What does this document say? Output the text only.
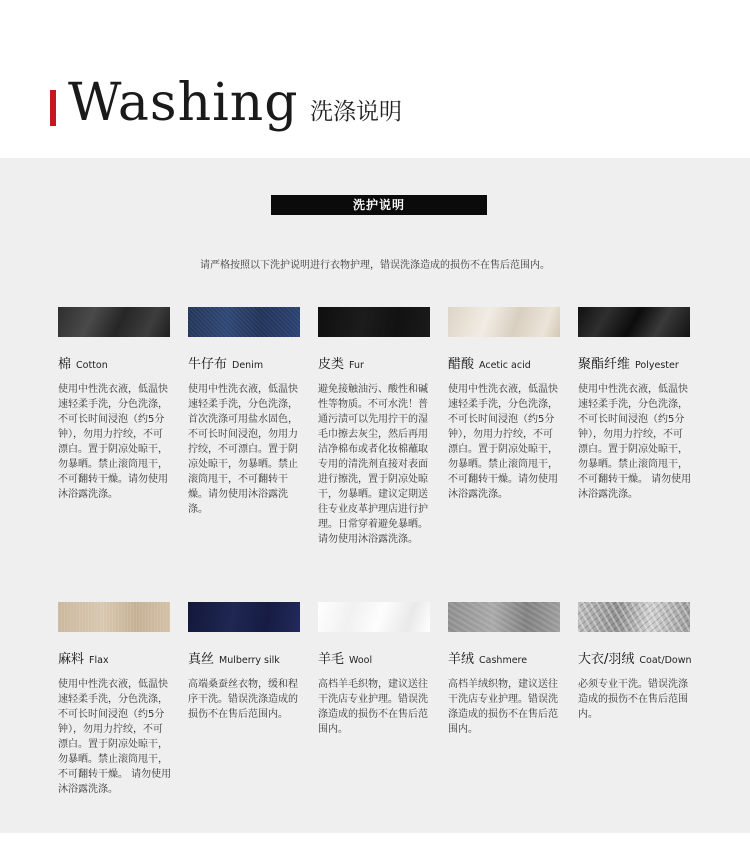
Washing 洗涤说明
洗护说明
请严格按照以下洗护说明进行衣物护理，错误洗涤造成的损伤不在售后范围内。
棉 Cotton
使用中性洗衣液，低温快速轻柔手洗，分色洗涤，不可长时间浸泡（约5分钟），勿用力拧绞，不可漂白。置于阴凉处晾干，勿暴晒。禁止滚筒甩干，不可翻转干燥。请勿使用沐浴露洗涤。
牛仔布 Denim
使用中性洗衣液，低温快速轻柔手洗，分色洗涤，首次洗涤可用盐水固色，不可长时间浸泡，勿用力拧绞，不可漂白。置于阴凉处晾干，勿暴晒。禁止滚筒甩干，不可翻转干燥。请勿使用沐浴露洗涤。
皮类 Fur
避免接触油污、酸性和碱性等物质。不可水洗！普通污渍可以先用拧干的湿毛巾擦去灰尘，然后再用洁净棉布或者化妆棉蘸取专用的清洗剂直接对表面进行擦洗，置于阴凉处晾干，勿暴晒。建议定期送往专业皮革护理店进行护理。日常穿着避免暴晒。请勿使用沐浴露洗涤。
醋酸 Acetic acid
使用中性洗衣液，低温快速轻柔手洗，分色洗涤，不可长时间浸泡（约5分钟），勿用力拧绞，不可漂白。置于阴凉处晾干，勿暴晒。禁止滚筒甩干，不可翻转干燥。请勿使用沐浴露洗涤。
聚酯纤维 Polyester
使用中性洗衣液，低温快速轻柔手洗，分色洗涤，不可长时间浸泡（约5分钟），勿用力拧绞，不可漂白。置于阴凉处晾干，勿暴晒。禁止滚筒甩干，不可翻转干燥。 请勿使用沐浴露洗涤。
麻料 Flax
使用中性洗衣液，低温快速轻柔手洗，分色洗涤，不可长时间浸泡（约5分钟），勿用力拧绞，不可漂白。置于阴凉处晾干，勿暴晒。禁止滚筒甩干，不可翻转干燥。 请勿使用沐浴露洗涤。
真丝 Mulberry silk
高端桑蚕丝衣物，缓和程序干洗。错误洗涤造成的损伤不在售后范围内。
羊毛 Wool
高档羊毛织物，建议送往干洗店专业护理。错误洗涤造成的损伤不在售后范围内。
羊绒 Cashmere
高档羊绒织物，建议送往干洗店专业护理。错误洗涤造成的损伤不在售后范围内。
大衣/羽绒 Coat/Down
必须专业干洗。错误洗涤造成的损伤不在售后范围内。
